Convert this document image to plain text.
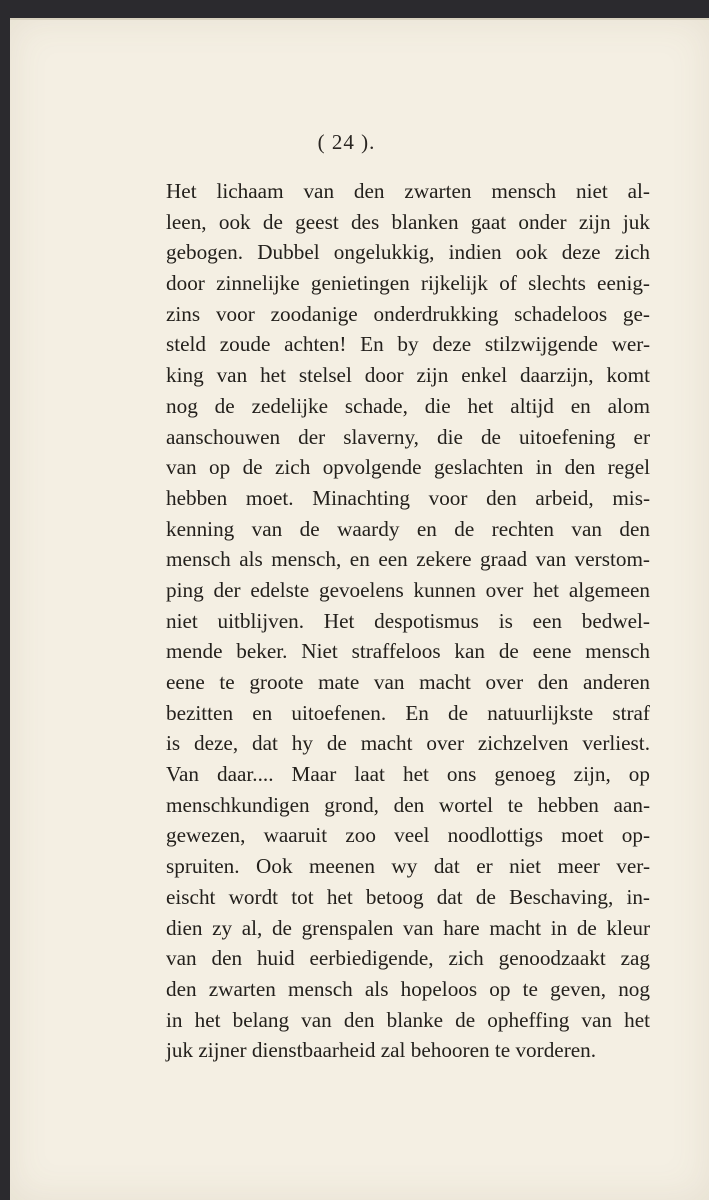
( 24 ).
Het lichaam van den zwarten mensch niet al-
leen, ook de geest des blanken gaat onder zijn juk
gebogen. Dubbel ongelukkig, indien ook deze zich
door zinnelijke genietingen rijkelijk of slechts eenig-
zins voor zoodanige onderdrukking schadeloos ge-
steld zoude achten! En by deze stilzwijgende wer-
king van het stelsel door zijn enkel daarzijn, komt
nog de zedelijke schade, die het altijd en alom
aanschouwen der slaverny, die de uitoefening er
van op de zich opvolgende geslachten in den regel
hebben moet. Minachting voor den arbeid, mis-
kenning van de waardy en de rechten van den
mensch als mensch, en een zekere graad van verstom-
ping der edelste gevoelens kunnen over het algemeen
niet uitblijven. Het despotismus is een bedwel-
mende beker. Niet straffeloos kan de eene mensch
eene te groote mate van macht over den anderen
bezitten en uitoefenen. En de natuurlijkste straf
is deze, dat hy de macht over zichzelven verliest.
Van daar.... Maar laat het ons genoeg zijn, op
menschkundigen grond, den wortel te hebben aan-
gewezen, waaruit zoo veel noodlottigs moet op-
spruiten. Ook meenen wy dat er niet meer ver-
eischt wordt tot het betoog dat de Beschaving, in-
dien zy al, de grenspalen van hare macht in de kleur
van den huid eerbiedigende, zich genoodzaakt zag
den zwarten mensch als hopeloos op te geven, nog
in het belang van den blanke de opheffing van het
juk zijner dienstbaarheid zal behooren te vorderen.
